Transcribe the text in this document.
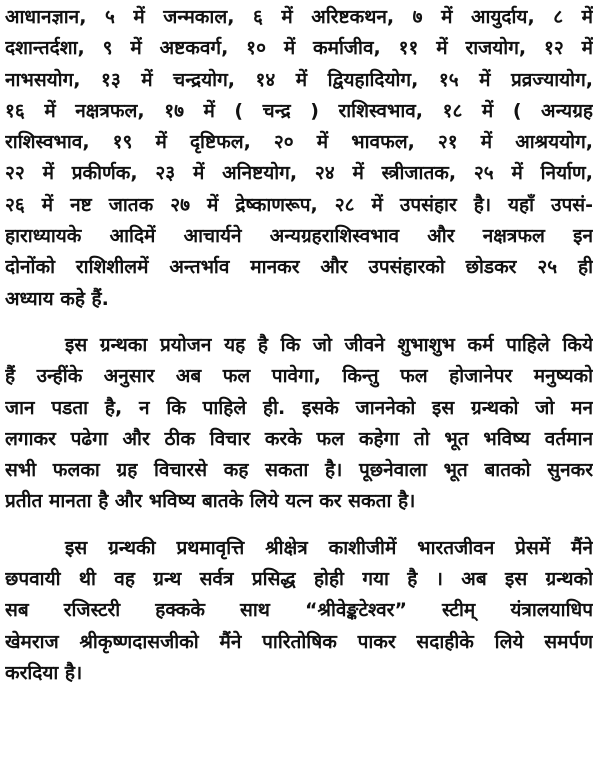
आधानज्ञान, ५ में जन्मकाल, ६ में अरिष्टकथन, ७ में आयुर्दाय, ८ में
दशान्तर्दशा, ९ में अष्टकवर्ग, १० में कर्माजीव, ११ में राजयोग, १२ में
नाभसयोग, १३ में चन्द्रयोग, १४ में द्वियहादियोग, १५ में प्रव्रज्यायोग,
१६ में नक्षत्रफल, १७ में ( चन्द्र ) राशिस्वभाव, १८ में ( अन्यग्रह
राशिस्वभाव, १९ में दृष्टिफल, २० में भावफल, २१ में आश्रययोग,
२२ में प्रकीर्णक, २३ में अनिष्टयोग, २४ में स्त्रीजातक, २५ में निर्याण,
२६ में नष्ट जातक २७ में द्रेष्काणरूप, २८ में उपसंहार है। यहाँ उपसं-
हाराध्यायके आदिमें आचार्यने अन्यग्रहराशिस्वभाव और नक्षत्रफल इन
दोनोंको राशिशीलमें अन्तर्भाव मानकर और उपसंहारको छोडकर २५ ही
अध्याय कहे हैं.
इस ग्रन्थका प्रयोजन यह है कि जो जीवने शुभाशुभ कर्म पाहिले किये
हैं उन्हींके अनुसार अब फल पावेगा, किन्तु फल होजानेपर मनुष्यको
जान पडता है, न कि पाहिले ही. इसके जाननेको इस ग्रन्थको जो मन
लगाकर पढेगा और ठीक विचार करके फल कहेगा तो भूत भविष्य वर्तमान
सभी फलका ग्रह विचारसे कह सकता है। पूछनेवाला भूत बातको सुनकर
प्रतीत मानता है और भविष्य बातके लिये यत्न कर सकता है।
इस ग्रन्थकी प्रथमावृत्ति श्रीक्षेत्र काशीजीमें भारतजीवन प्रेसमें मैंने
छपवायी थी वह ग्रन्थ सर्वत्र प्रसिद्ध होही गया है । अब इस ग्रन्थको
सब रजिस्टरी हक्कके साथ “श्रीवेङ्कटेश्वर” स्टीम् यंत्रालयाधिप
खेमराज श्रीकृष्णदासजीको मैंने पारितोषिक पाकर सदाहीके लिये समर्पण
करदिया है।
